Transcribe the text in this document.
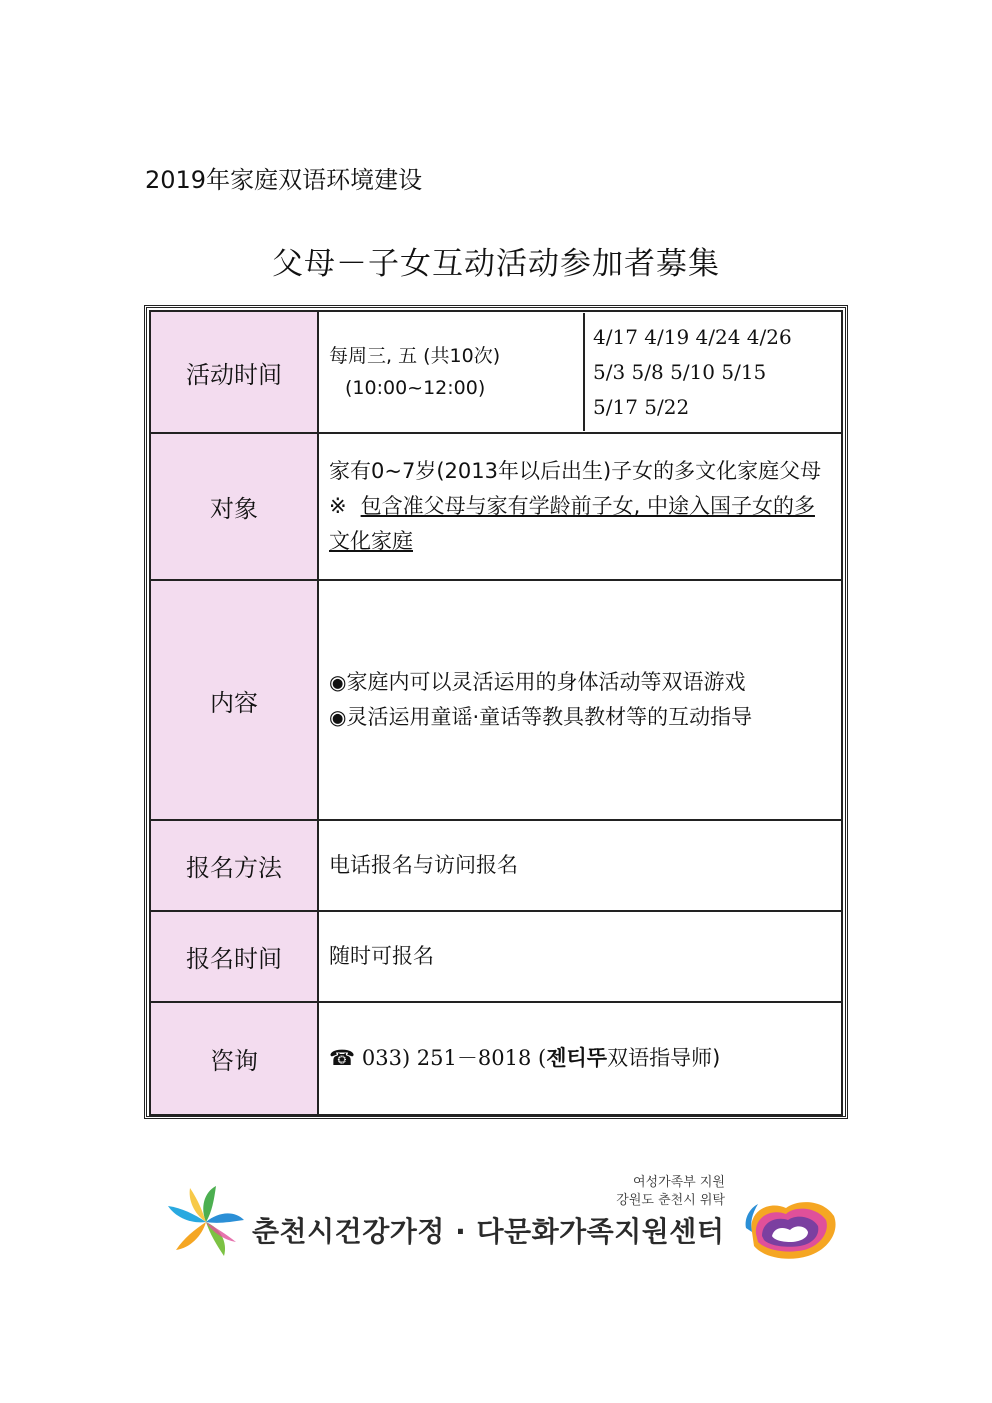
2019年家庭双语环境建设
父母－子女互动活动参加者募集
活动时间	每周三, 五 (共10次)
(10:00~12:00)
4/17 4/19 4/24 4/26
5/3 5/8 5/10 5/15
5/17 5/22

对象	家有0~7岁(2013年以后出生)子女的多文化家庭父母
※ 包含准父母与家有学龄前子女, 中途入国子女的多
文化家庭
内容	◉家庭内可以灵活运用的身体活动等双语游戏
◉灵活运用童谣·童话等教具教材等的互动指导

报名方法	电话报名与访问报名
报名时间	随时可报名
咨询	☎ 033) 251－8018 (젠티뚜双语指导师)
춘천시건강가정 · 다문화가족지원센터
여성가족부 지원
강원도 춘천시 위탁
